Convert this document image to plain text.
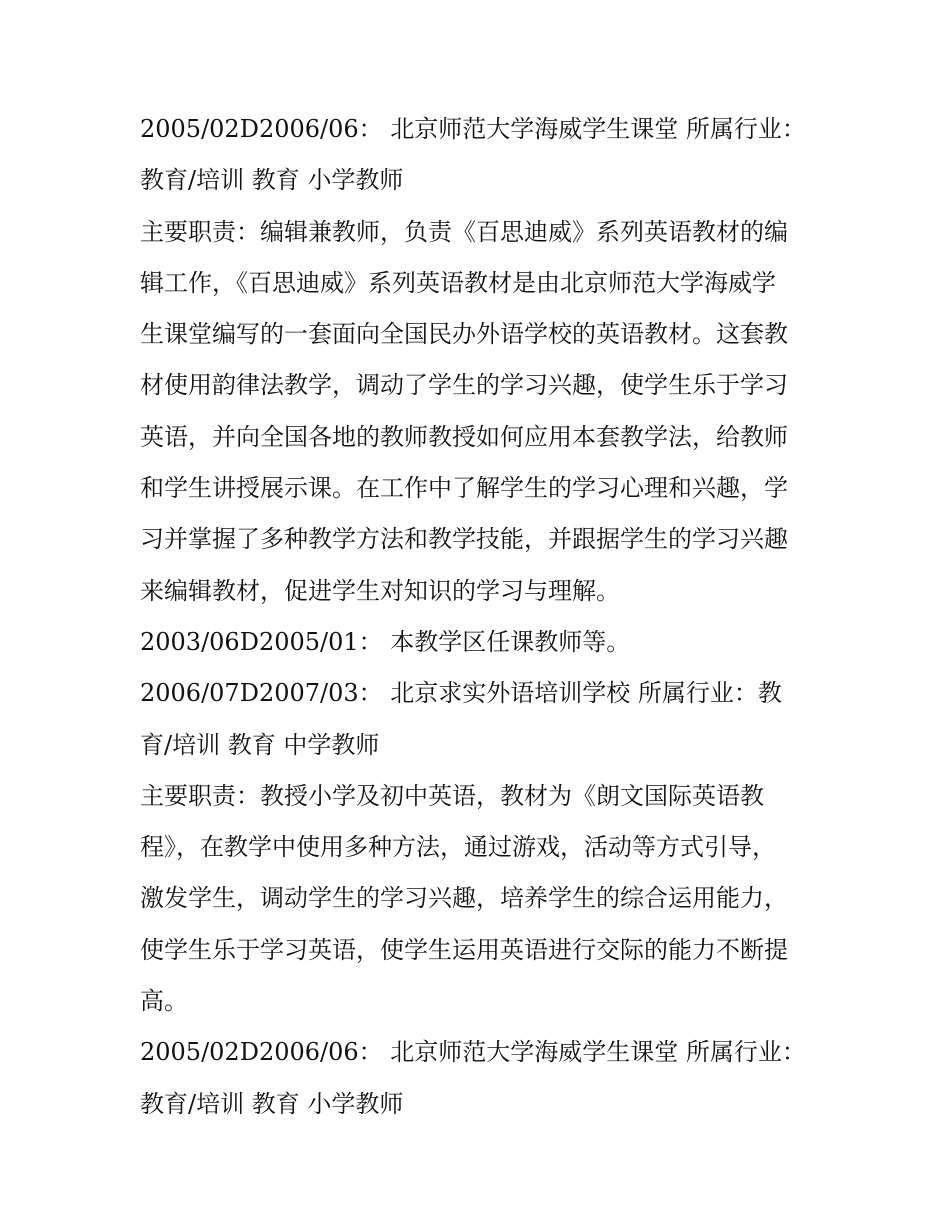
2005/02D2006/06： 北京师范大学海威学生课堂 所属行业：
教育/培训 教育 小学教师
主要职责：编辑兼教师，负责《百思迪威》系列英语教材的编
辑工作，《百思迪威》系列英语教材是由北京师范大学海威学
生课堂编写的一套面向全国民办外语学校的英语教材。这套教
材使用韵律法教学，调动了学生的学习兴趣，使学生乐于学习
英语，并向全国各地的教师教授如何应用本套教学法，给教师
和学生讲授展示课。在工作中了解学生的学习心理和兴趣，学
习并掌握了多种教学方法和教学技能，并跟据学生的学习兴趣
来编辑教材，促进学生对知识的学习与理解。
2003/06D2005/01： 本教学区任课教师等。
2006/07D2007/03： 北京求实外语培训学校 所属行业：教
育/培训 教育 中学教师
主要职责：教授小学及初中英语，教材为《朗文国际英语教
程》，在教学中使用多种方法，通过游戏，活动等方式引导，
激发学生，调动学生的学习兴趣，培养学生的综合运用能力，
使学生乐于学习英语，使学生运用英语进行交际的能力不断提
高。
2005/02D2006/06： 北京师范大学海威学生课堂 所属行业：
教育/培训 教育 小学教师
